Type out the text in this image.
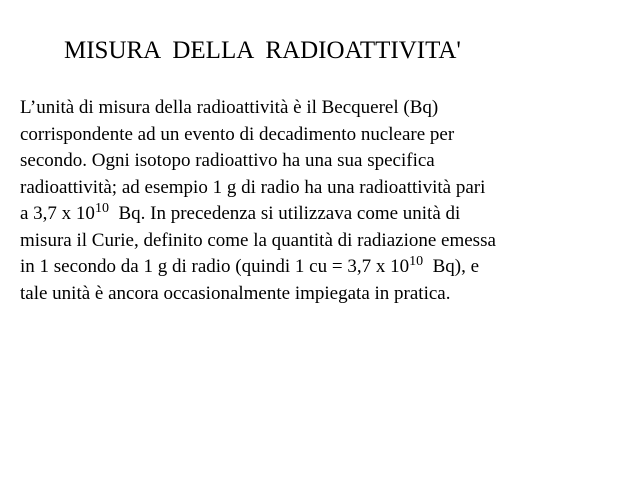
MISURA  DELLA  RADIOATTIVITA'
L’unità di misura della radioattività è il Becquerel (Bq)
corrispondente ad un evento di decadimento nucleare per
secondo. Ogni isotopo radioattivo ha una sua specifica
radioattività; ad esempio 1 g di radio ha una radioattività pari
a 3,7 x $10^{10}$  Bq. In precedenza si utilizzava come unità di
misura il Curie, definito come la quantità di radiazione emessa
in 1 secondo da 1 g di radio (quindi 1 cu = 3,7 x $10^{10}$  Bq), e
tale unità è ancora occasionalmente impiegata in pratica.
